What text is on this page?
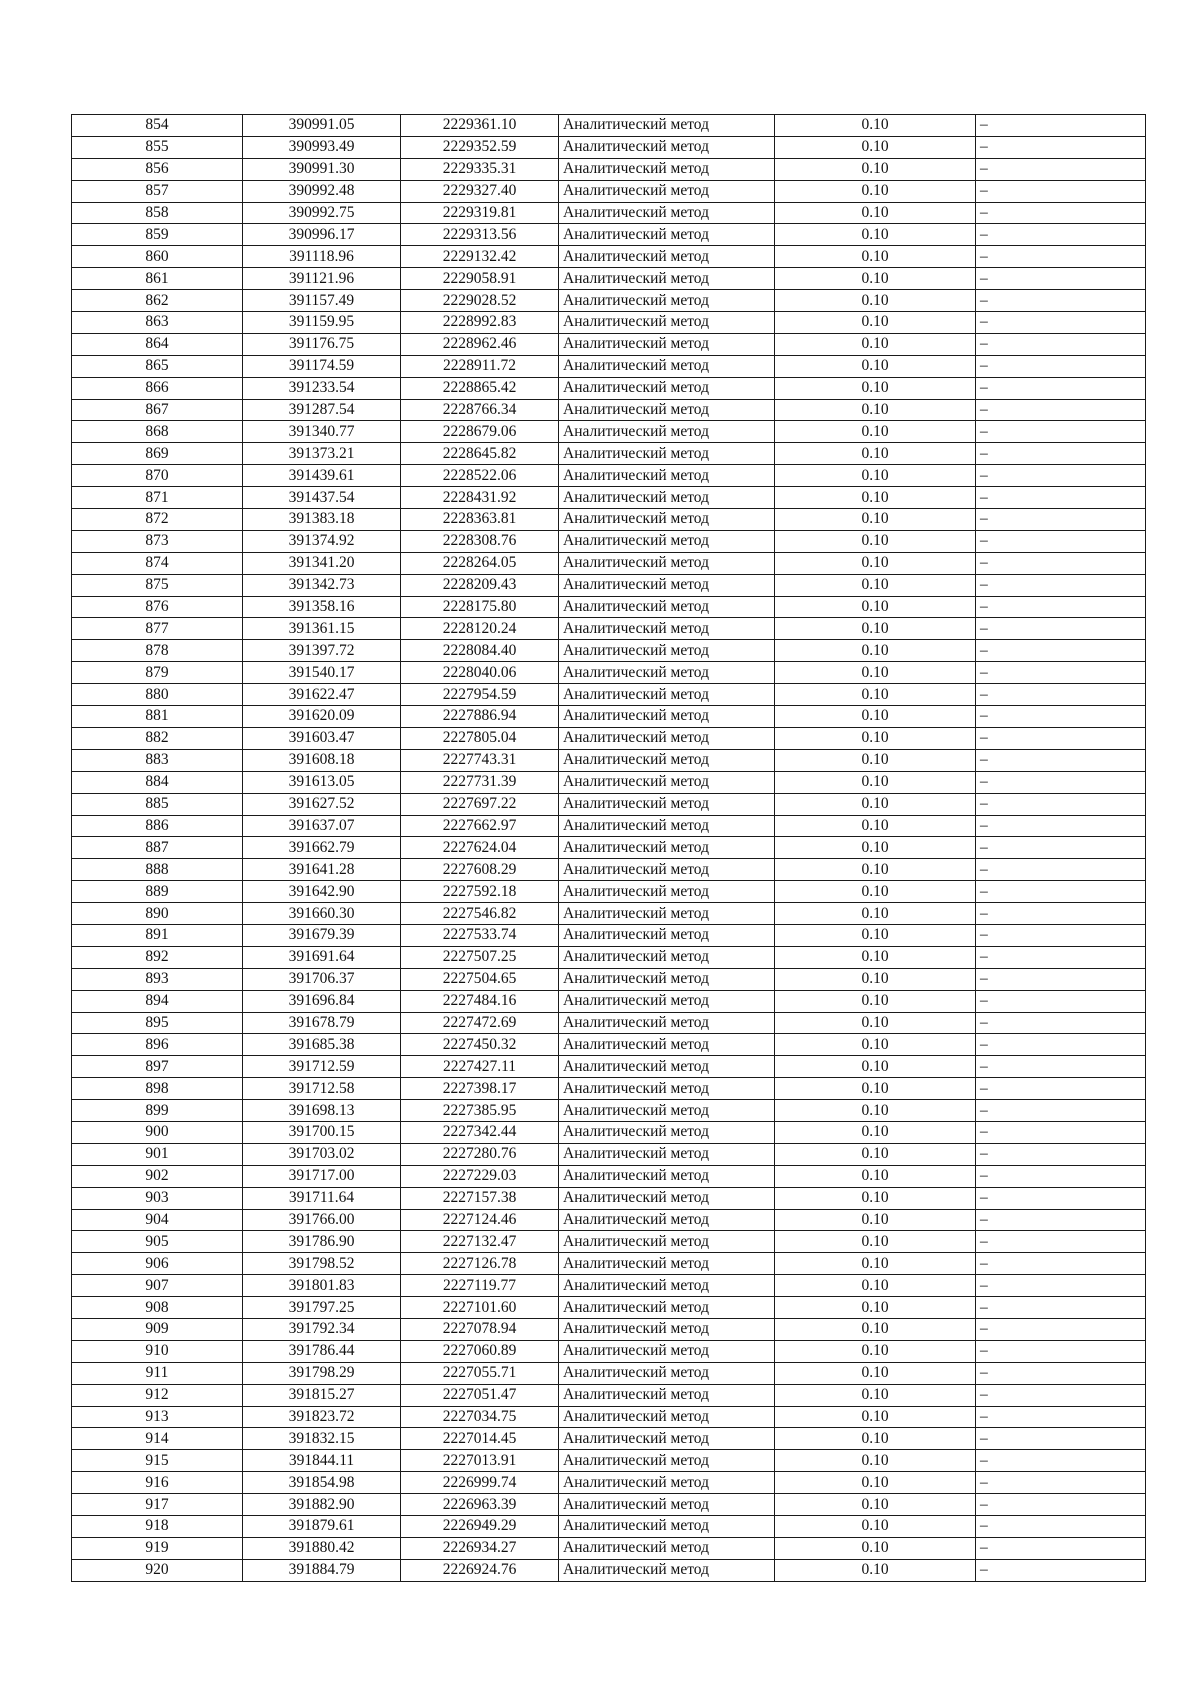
854	390991.05	2229361.10	Аналитический метод	0.10	–
855	390993.49	2229352.59	Аналитический метод	0.10	–
856	390991.30	2229335.31	Аналитический метод	0.10	–
857	390992.48	2229327.40	Аналитический метод	0.10	–
858	390992.75	2229319.81	Аналитический метод	0.10	–
859	390996.17	2229313.56	Аналитический метод	0.10	–
860	391118.96	2229132.42	Аналитический метод	0.10	–
861	391121.96	2229058.91	Аналитический метод	0.10	–
862	391157.49	2229028.52	Аналитический метод	0.10	–
863	391159.95	2228992.83	Аналитический метод	0.10	–
864	391176.75	2228962.46	Аналитический метод	0.10	–
865	391174.59	2228911.72	Аналитический метод	0.10	–
866	391233.54	2228865.42	Аналитический метод	0.10	–
867	391287.54	2228766.34	Аналитический метод	0.10	–
868	391340.77	2228679.06	Аналитический метод	0.10	–
869	391373.21	2228645.82	Аналитический метод	0.10	–
870	391439.61	2228522.06	Аналитический метод	0.10	–
871	391437.54	2228431.92	Аналитический метод	0.10	–
872	391383.18	2228363.81	Аналитический метод	0.10	–
873	391374.92	2228308.76	Аналитический метод	0.10	–
874	391341.20	2228264.05	Аналитический метод	0.10	–
875	391342.73	2228209.43	Аналитический метод	0.10	–
876	391358.16	2228175.80	Аналитический метод	0.10	–
877	391361.15	2228120.24	Аналитический метод	0.10	–
878	391397.72	2228084.40	Аналитический метод	0.10	–
879	391540.17	2228040.06	Аналитический метод	0.10	–
880	391622.47	2227954.59	Аналитический метод	0.10	–
881	391620.09	2227886.94	Аналитический метод	0.10	–
882	391603.47	2227805.04	Аналитический метод	0.10	–
883	391608.18	2227743.31	Аналитический метод	0.10	–
884	391613.05	2227731.39	Аналитический метод	0.10	–
885	391627.52	2227697.22	Аналитический метод	0.10	–
886	391637.07	2227662.97	Аналитический метод	0.10	–
887	391662.79	2227624.04	Аналитический метод	0.10	–
888	391641.28	2227608.29	Аналитический метод	0.10	–
889	391642.90	2227592.18	Аналитический метод	0.10	–
890	391660.30	2227546.82	Аналитический метод	0.10	–
891	391679.39	2227533.74	Аналитический метод	0.10	–
892	391691.64	2227507.25	Аналитический метод	0.10	–
893	391706.37	2227504.65	Аналитический метод	0.10	–
894	391696.84	2227484.16	Аналитический метод	0.10	–
895	391678.79	2227472.69	Аналитический метод	0.10	–
896	391685.38	2227450.32	Аналитический метод	0.10	–
897	391712.59	2227427.11	Аналитический метод	0.10	–
898	391712.58	2227398.17	Аналитический метод	0.10	–
899	391698.13	2227385.95	Аналитический метод	0.10	–
900	391700.15	2227342.44	Аналитический метод	0.10	–
901	391703.02	2227280.76	Аналитический метод	0.10	–
902	391717.00	2227229.03	Аналитический метод	0.10	–
903	391711.64	2227157.38	Аналитический метод	0.10	–
904	391766.00	2227124.46	Аналитический метод	0.10	–
905	391786.90	2227132.47	Аналитический метод	0.10	–
906	391798.52	2227126.78	Аналитический метод	0.10	–
907	391801.83	2227119.77	Аналитический метод	0.10	–
908	391797.25	2227101.60	Аналитический метод	0.10	–
909	391792.34	2227078.94	Аналитический метод	0.10	–
910	391786.44	2227060.89	Аналитический метод	0.10	–
911	391798.29	2227055.71	Аналитический метод	0.10	–
912	391815.27	2227051.47	Аналитический метод	0.10	–
913	391823.72	2227034.75	Аналитический метод	0.10	–
914	391832.15	2227014.45	Аналитический метод	0.10	–
915	391844.11	2227013.91	Аналитический метод	0.10	–
916	391854.98	2226999.74	Аналитический метод	0.10	–
917	391882.90	2226963.39	Аналитический метод	0.10	–
918	391879.61	2226949.29	Аналитический метод	0.10	–
919	391880.42	2226934.27	Аналитический метод	0.10	–
920	391884.79	2226924.76	Аналитический метод	0.10	–
